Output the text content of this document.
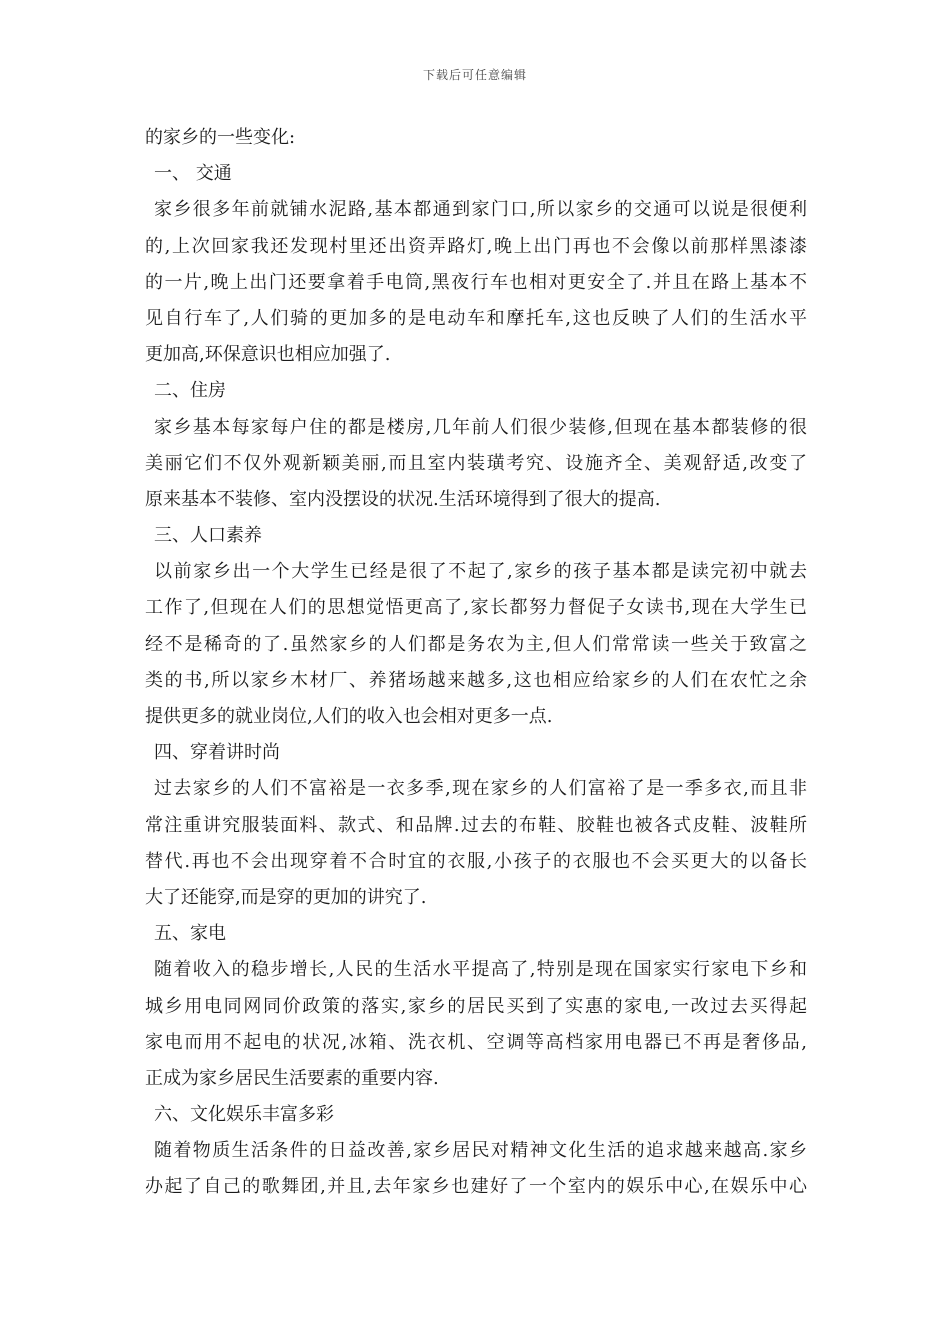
下载后可任意编辑
的家乡的一些变化:
一、 交通
家乡很多年前就铺水泥路,基本都通到家门口,所以家乡的交通可以说是很便利
的,上次回家我还发现村里还出资弄路灯,晚上出门再也不会像以前那样黑漆漆
的一片,晚上出门还要拿着手电筒,黑夜行车也相对更安全了.并且在路上基本不
见自行车了,人们骑的更加多的是电动车和摩托车,这也反映了人们的生活水平
更加高,环保意识也相应加强了.
二、住房
家乡基本每家每户住的都是楼房,几年前人们很少装修,但现在基本都装修的很
美丽它们不仅外观新颖美丽,而且室内装璜考究、设施齐全、美观舒适,改变了
原来基本不装修、室内没摆设的状况.生活环境得到了很大的提高.
三、人口素养
以前家乡出一个大学生已经是很了不起了,家乡的孩子基本都是读完初中就去
工作了,但现在人们的思想觉悟更高了,家长都努力督促子女读书,现在大学生已
经不是稀奇的了.虽然家乡的人们都是务农为主,但人们常常读一些关于致富之
类的书,所以家乡木材厂、养猪场越来越多,这也相应给家乡的人们在农忙之余
提供更多的就业岗位,人们的收入也会相对更多一点.
四、穿着讲时尚
过去家乡的人们不富裕是一衣多季,现在家乡的人们富裕了是一季多衣,而且非
常注重讲究服装面料、款式、和品牌.过去的布鞋、胶鞋也被各式皮鞋、波鞋所
替代.再也不会出现穿着不合时宜的衣服,小孩子的衣服也不会买更大的以备长
大了还能穿,而是穿的更加的讲究了.
五、家电
随着收入的稳步增长,人民的生活水平提高了,特别是现在国家实行家电下乡和
城乡用电同网同价政策的落实,家乡的居民买到了实惠的家电,一改过去买得起
家电而用不起电的状况,冰箱、洗衣机、空调等高档家用电器已不再是奢侈品,
正成为家乡居民生活要素的重要内容.
六、文化娱乐丰富多彩
随着物质生活条件的日益改善,家乡居民对精神文化生活的追求越来越高.家乡
办起了自己的歌舞团,并且,去年家乡也建好了一个室内的娱乐中心,在娱乐中心
